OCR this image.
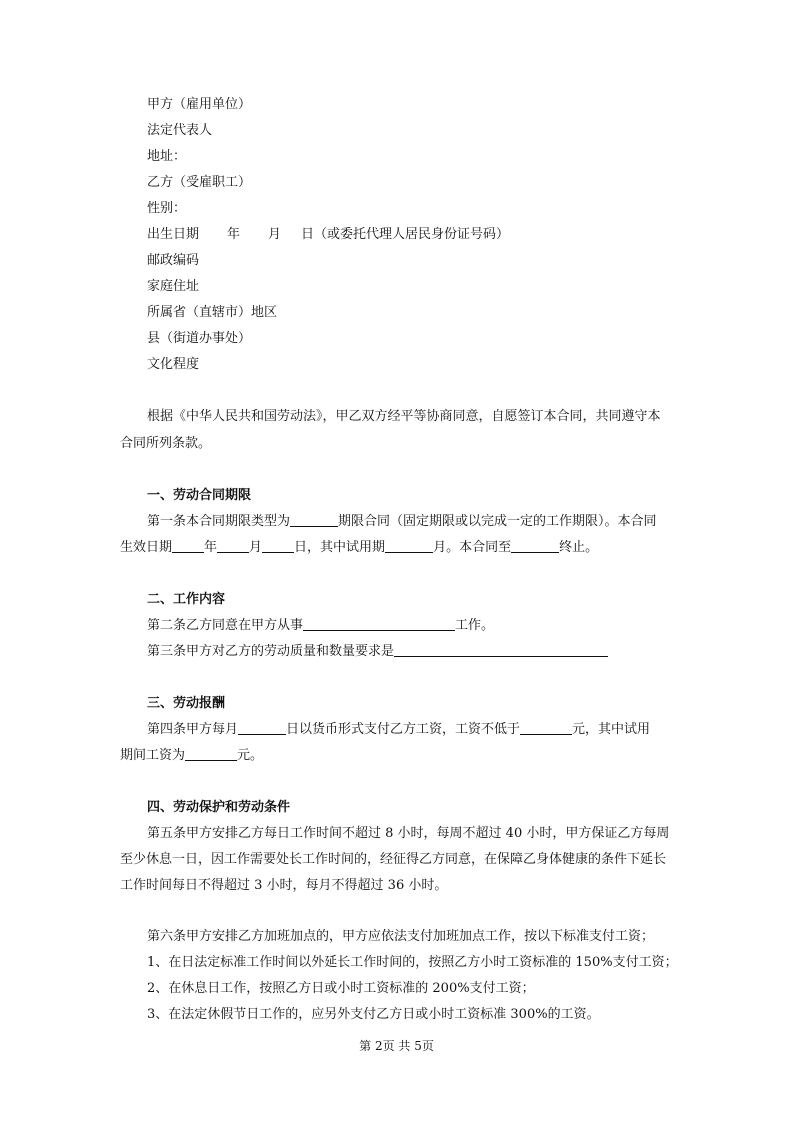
甲方（雇用单位）
法定代表人
地址：
乙方（受雇职工）
性别：
出生日期 年 月 日（或委托代理人居民身份证号码）
邮政编码
家庭住址
所属省（直辖市）地区
县（街道办事处）
文化程度
根据《中华人民共和国劳动法》，甲乙双方经平等协商同意，自愿签订本合同，共同遵守本
合同所列条款。
一、劳动合同期限
第一条本合同期限类型为	期限合同（固定期限或以完成一定的工作期限）。本合同
生效日期 年 月 日，其中试用期	月。本合同至	终止。
二、工作内容
第二条乙方同意在甲方从事	工作。
第三条甲方对乙方的劳动质量和数量要求是
三、劳动报酬
第四条甲方每月	日以货币形式支付乙方工资，工资不低于	元，其中试用
期间工资为	元。
四、劳动保护和劳动条件
第五条甲方安排乙方每日工作时间不超过 8 小时，每周不超过 40 小时，甲方保证乙方每周
至少休息一日，因工作需要处长工作时间的，经征得乙方同意，在保障乙身体健康的条件下延长
工作时间每日不得超过 3 小时，每月不得超过 36 小时。
第六条甲方安排乙方加班加点的，甲方应依法支付加班加点工作，按以下标准支付工资；
1、在日法定标准工作时间以外延长工作时间的，按照乙方小时工资标准的 150%支付工资；
2、在休息日工作，按照乙方日或小时工资标准的 200%支付工资；
3、在法定休假节日工作的，应另外支付乙方日或小时工资标准 300%的工资。
第 2页 共 5页
